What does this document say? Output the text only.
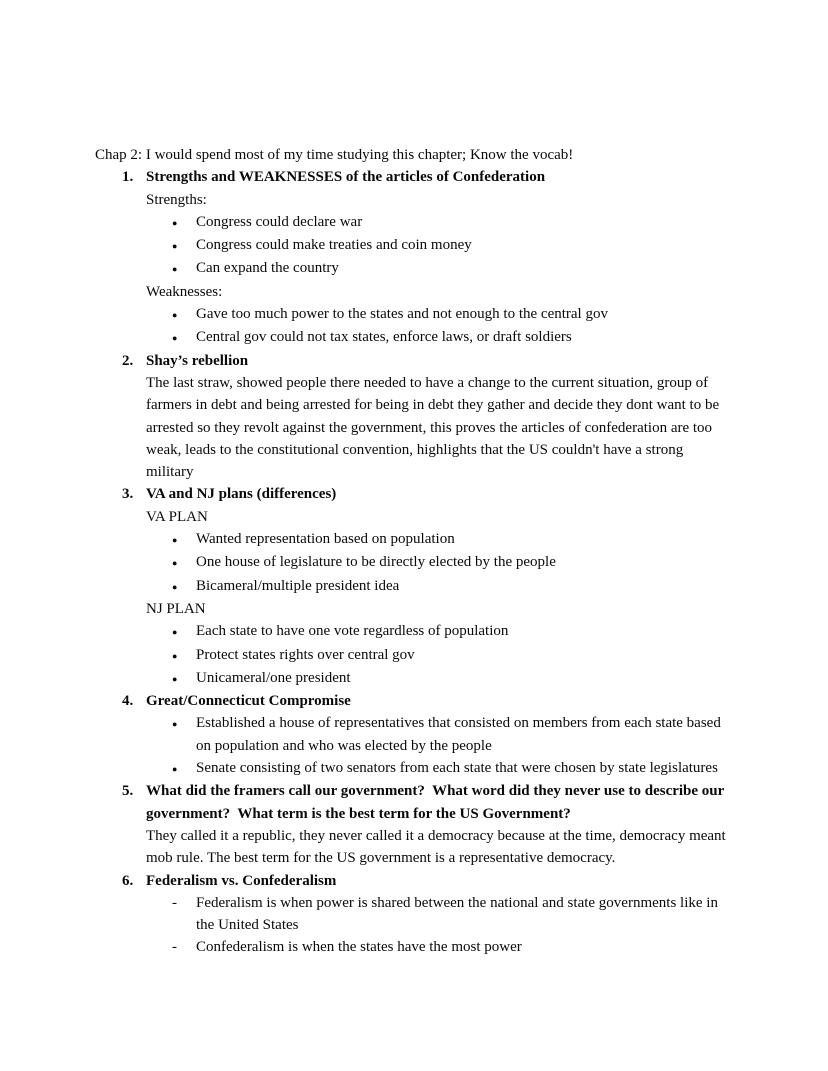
Chap 2: I would spend most of my time studying this chapter; Know the vocab!

1. Strengths and WEAKNESSES of the articles of Confederation
Strengths:
●	Congress could declare war
●	Congress could make treaties and coin money
●	Can expand the country
Weaknesses:
●	Gave too much power to the states and not enough to the central gov
●	Central gov could not tax states, enforce laws, or draft soldiers
2. Shay’s rebellion

The last straw, showed people there needed to have a change to the current situation, group of farmers in debt and being arrested for being in debt they gather and decide they dont want to be arrested so they revolt against the government, this proves the articles of confederation are too weak, leads to the constitutional convention, highlights that the US couldn't have a strong military

3. VA and NJ plans (differences)
VA PLAN
●	Wanted representation based on population
●	One house of legislature to be directly elected by the people
●	Bicameral/multiple president idea
NJ PLAN
●	Each state to have one vote regardless of population
●	Protect states rights over central gov
●	Unicameral/one president
4. Great/Connecticut Compromise
●	Established a house of representatives that consisted on members from each state based on population and who was elected by the people
●	Senate consisting of two senators from each state that were chosen by state legislatures
5. What did the framers call our government?  What word did they never use to describe our government?  What term is the best term for the US Government?

They called it a republic, they never called it a democracy because at the time, democracy meant mob rule. The best term for the US government is a representative democracy.

6. Federalism vs. Confederalism
-	Federalism is when power is shared between the national and state governments like in the United States
-	Confederalism is when the states have the most power
